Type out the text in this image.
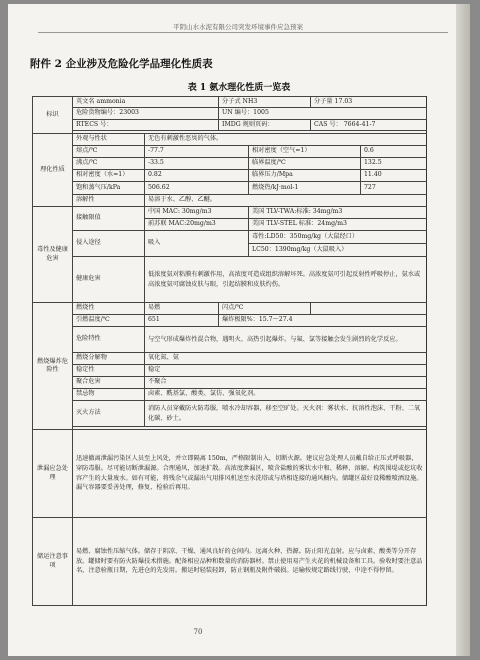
平阴山水水泥有限公司突发环境事件应急预案
附件 2 企业涉及危险化学品理化性质表
表 1 氨水理化性质一览表
标识	英文名 ammonia		分子式 NH3		分子量 17.03	
	危险货物编号：23003		UN 编号：1005			
	RTECS 号：		IMDG 规则页码：		CAS 号： 7664-41-7	

理化性质	外观与性状	无色有刺激性恶臭的气体。				
	熔点/℃	-77.7		相对密度（空气=1）		0.6
	沸点/℃	-33.5		临界温度/℃		132.5
	相对密度（水=1）	0.82		临界压力/Mpa		11.40
	饱和蒸气压/kPa	506.62		燃烧热/kJ·mol-1		727
	溶解性	易溶于水、乙醇、乙醚。				
毒性及健康危害	接触限值	中国 MAC: 30mg/m3		美国 TLV-TWA:标准: 34mg/m3		
		前苏联 MAC:20mg/m3		美国 TLV-STEL 标准：24mg/m3		
	侵入途径	吸入		毒性:LD50：350mg/kg（大鼠经口）		
				LC50：1390mg/kg（大鼠吸入）		
	健康危害	低浓度氨对粘膜有刺激作用，高浓度可造成组织溶解坏死。高浓度氨可引起反射性呼吸停止，氨水或高浓度氨可腐蚀皮肤与眼，引起结膜和皮肤灼伤。				
燃烧爆炸危险性	燃烧性	易燃	闪点/℃			
	引燃温度/℃	651	爆炸极限%：15.7～27.4			
	危险特性	与空气形成爆炸性混合物，遇明火、高热引起爆炸。与氟、氯等接触会发生剧烈的化学反应。				
	燃烧分解物	氧化氮、氨				
	稳定性	稳定				
	聚合危害	不聚合				
	禁忌物	卤素、酰基氯、酸类、氯仿、强氧化剂。				
	灭火方法	消防人员穿戴防火防毒服，喷水冷却容器，移至空旷处。灭火剂：雾状水、抗溶性泡沫、干粉、二氧化碳、砂土。				

泄漏应急处理	迅速撤离泄漏污染区人员至上风处，并立即隔离 150m，严格限制出入，切断火源。建议应急处理人员戴自给正压式呼吸器，穿防毒服。尽可能切断泄漏源。合理通风，加速扩散。高浓度泄漏区，喷含盐酸的雾状水中和、稀释、溶解。构筑围堤或挖坑收容产生的大量废水。如有可能，将残余气或漏出气用排风机送至水洗塔或与塔相连接的通风橱内。储罐区最好设稀酸喷洒设施。漏气容器要妥善处理，修复、检验后再用。					
储运注意事项	易燃、腐蚀性压缩气体。储存于阴凉、干燥、通风良好的仓间内。远离火种、热源。防止阳光直射。应与卤素、酸类等分开存放。罐储时要有防火防爆技术措施。配备相应品种和数量的消防器材。禁止使用易产生火花的机械设备和工具。验收时要注意品名，注意验瓶日期，先进仓的先发用。搬运时轻装轻卸，防止钢瓶及附件破损。运输按规定路线行驶，中途不得停留。					
70
